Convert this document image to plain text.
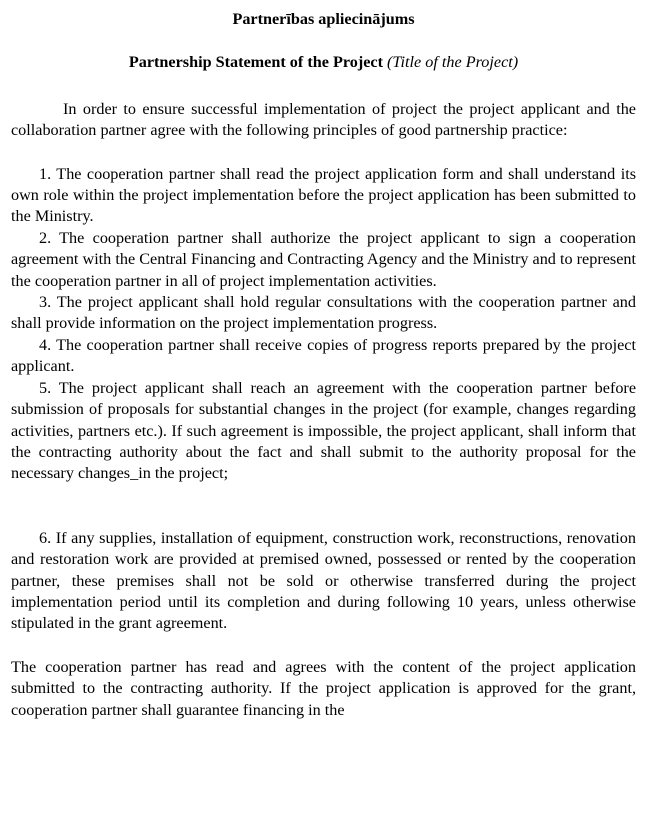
Partnerības apliecinājums

Partnership Statement of the Project (Title of the Project)

In order to ensure successful implementation of project the project applicant and the collaboration partner agree with the following principles of good partnership practice:

1. The cooperation partner shall read the project application form and shall understand its own role within the project implementation before the project application has been submitted to the Ministry.

2. The cooperation partner shall authorize the project applicant to sign a cooperation agreement with the Central Financing and Contracting Agency and the Ministry and to represent the cooperation partner in all of project implementation activities.

3. The project applicant shall hold regular consultations with the cooperation partner and shall provide information on the project implementation progress.

4. The cooperation partner shall receive copies of progress reports prepared by the project applicant.

5. The project applicant shall reach an agreement with the cooperation partner before submission of proposals for substantial changes in the project (for example, changes regarding activities, partners etc.). If such agreement is impossible, the project applicant, shall inform that the contracting authority about the fact and shall submit to the authority proposal for the necessary changes_in the project;

6. If any supplies, installation of equipment, construction work, reconstructions, renovation and restoration work are provided at premised owned, possessed or rented by the cooperation partner, these premises shall not be sold or otherwise transferred during the project implementation period until its completion and during following 10 years, unless otherwise stipulated in the grant agreement.

The cooperation partner has read and agrees with the content of the project application submitted to the contracting authority. If the project application is approved for the grant, cooperation partner shall guarantee financing in the
